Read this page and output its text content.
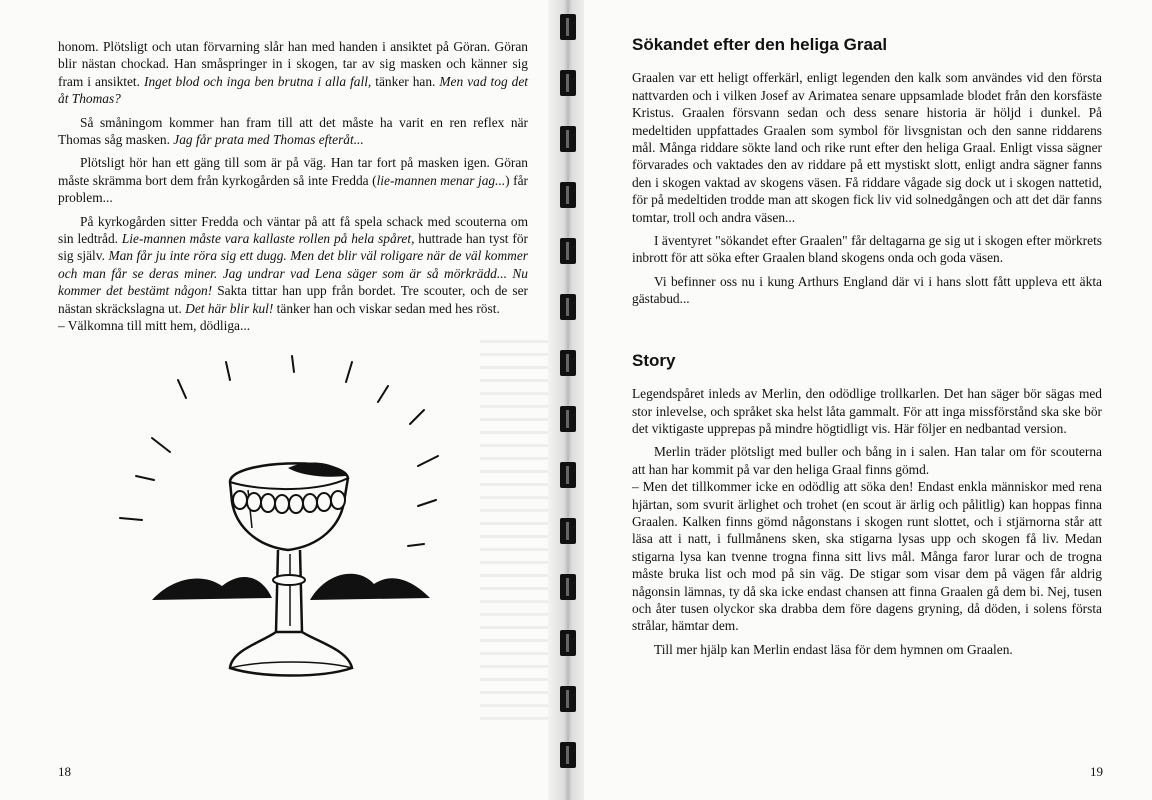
honom. Plötsligt och utan förvarning slår han med handen i ansiktet på Göran. Göran blir nästan chockad. Han småspringer in i skogen, tar av sig masken och känner sig fram i ansiktet. Inget blod och inga ben brutna i alla fall, tänker han. Men vad tog det åt Thomas?

Så småningom kommer han fram till att det måste ha varit en ren reflex när Thomas såg masken. Jag får prata med Thomas efteråt...

Plötsligt hör han ett gäng till som är på väg. Han tar fort på masken igen. Göran måste skrämma bort dem från kyrkogården så inte Fredda (lie-mannen menar jag...) får problem...

På kyrkogården sitter Fredda och väntar på att få spela schack med scouterna om sin ledtråd. Lie-mannen måste vara kallaste rollen på hela spåret, huttrade han tyst för sig själv. Man får ju inte röra sig ett dugg. Men det blir väl roligare när de väl kommer och man får se deras miner. Jag undrar vad Lena säger som är så mörkrädd... Nu kommer det bestämt någon! Sakta tittar han upp från bordet. Tre scouter, och de ser nästan skräckslagna ut. Det här blir kul! tänker han och viskar sedan med hes röst.
– Välkomna till mitt hem, dödliga...

18
Sökandet efter den heliga Graal

Graalen var ett heligt offerkärl, enligt legenden den kalk som användes vid den första nattvarden och i vilken Josef av Arimatea senare uppsamlade blodet från den korsfäste Kristus. Graalen försvann sedan och dess senare historia är höljd i dunkel. På medeltiden uppfattades Graalen som symbol för livsgnistan och den sanne riddarens mål. Många riddare sökte land och rike runt efter den heliga Graal. Enligt vissa sägner förvarades och vaktades den av riddare på ett mystiskt slott, enligt andra sägner fanns den i skogen vaktad av skogens väsen. Få riddare vågade sig dock ut i skogen nattetid, för på medeltiden trodde man att skogen fick liv vid solnedgången och att det där fanns tomtar, troll och andra väsen...

I äventyret "sökandet efter Graalen" får deltagarna ge sig ut i skogen efter mörkrets inbrott för att söka efter Graalen bland skogens onda och goda väsen.

Vi befinner oss nu i kung Arthurs England där vi i hans slott fått uppleva ett äkta gästabud...

Story

Legendspåret inleds av Merlin, den odödlige trollkarlen. Det han säger bör sägas med stor inlevelse, och språket ska helst låta gammalt. För att inga missförstånd ska ske bör det viktigaste upprepas på mindre högtidligt vis. Här följer en nedbantad version.

Merlin träder plötsligt med buller och bång in i salen. Han talar om för scouterna att han har kommit på var den heliga Graal finns gömd.
– Men det tillkommer icke en odödlig att söka den! Endast enkla människor med rena hjärtan, som svurit ärlighet och trohet (en scout är ärlig och pålitlig) kan hoppas finna Graalen. Kalken finns gömd någonstans i skogen runt slottet, och i stjärnorna står att läsa att i natt, i fullmånens sken, ska stigarna lysas upp och skogen få liv. Medan stigarna lysa kan tvenne trogna finna sitt livs mål. Många faror lurar och de trogna måste bruka list och mod på sin väg. De stigar som visar dem på vägen får aldrig någonsin lämnas, ty då ska icke endast chansen att finna Graalen gå dem bi. Nej, tusen och åter tusen olyckor ska drabba dem före dagens gryning, då döden, i solens första strålar, hämtar dem.

Till mer hjälp kan Merlin endast läsa för dem hymnen om Graalen.

19
